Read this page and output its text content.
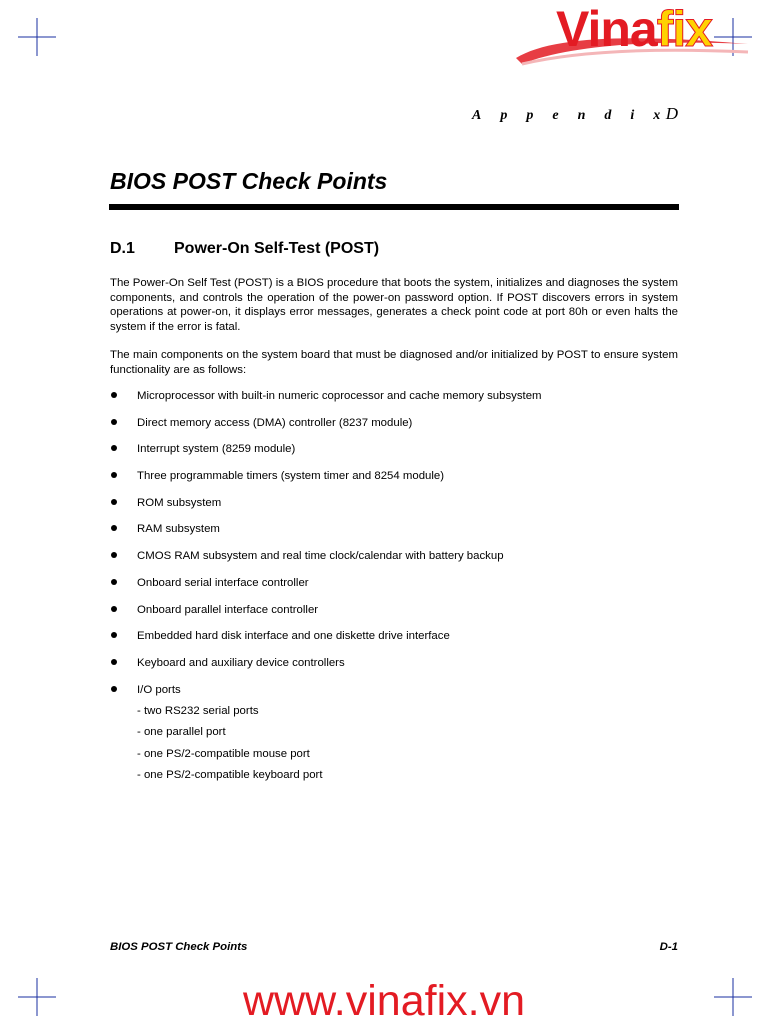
Vinafix
A p p e n d i x D
BIOS POST Check Points
D.1 Power-On Self-Test (POST)
The Power-On Self Test (POST) is a BIOS procedure that boots the system, initializes and diagnoses the system components, and controls the operation of the power-on password option. If POST discovers errors in system operations at power-on, it displays error messages, generates a check point code at port 80h or even halts the system if the error is fatal.
The main components on the system board that must be diagnosed and/or initialized by POST to ensure system functionality are as follows:
Microprocessor with built-in numeric coprocessor and cache memory subsystem
Direct memory access (DMA) controller (8237 module)
Interrupt system (8259 module)
Three programmable timers (system timer and 8254 module)
ROM subsystem
RAM subsystem
CMOS RAM subsystem and real time clock/calendar with battery backup
Onboard serial interface controller
Onboard parallel interface controller
Embedded hard disk interface and one diskette drive interface
Keyboard and auxiliary device controllers
I/O ports
- two RS232 serial ports
- one parallel port
- one PS/2-compatible mouse port
- one PS/2-compatible keyboard port
BIOS POST Check Points	D-1
www.vinafix.vn
